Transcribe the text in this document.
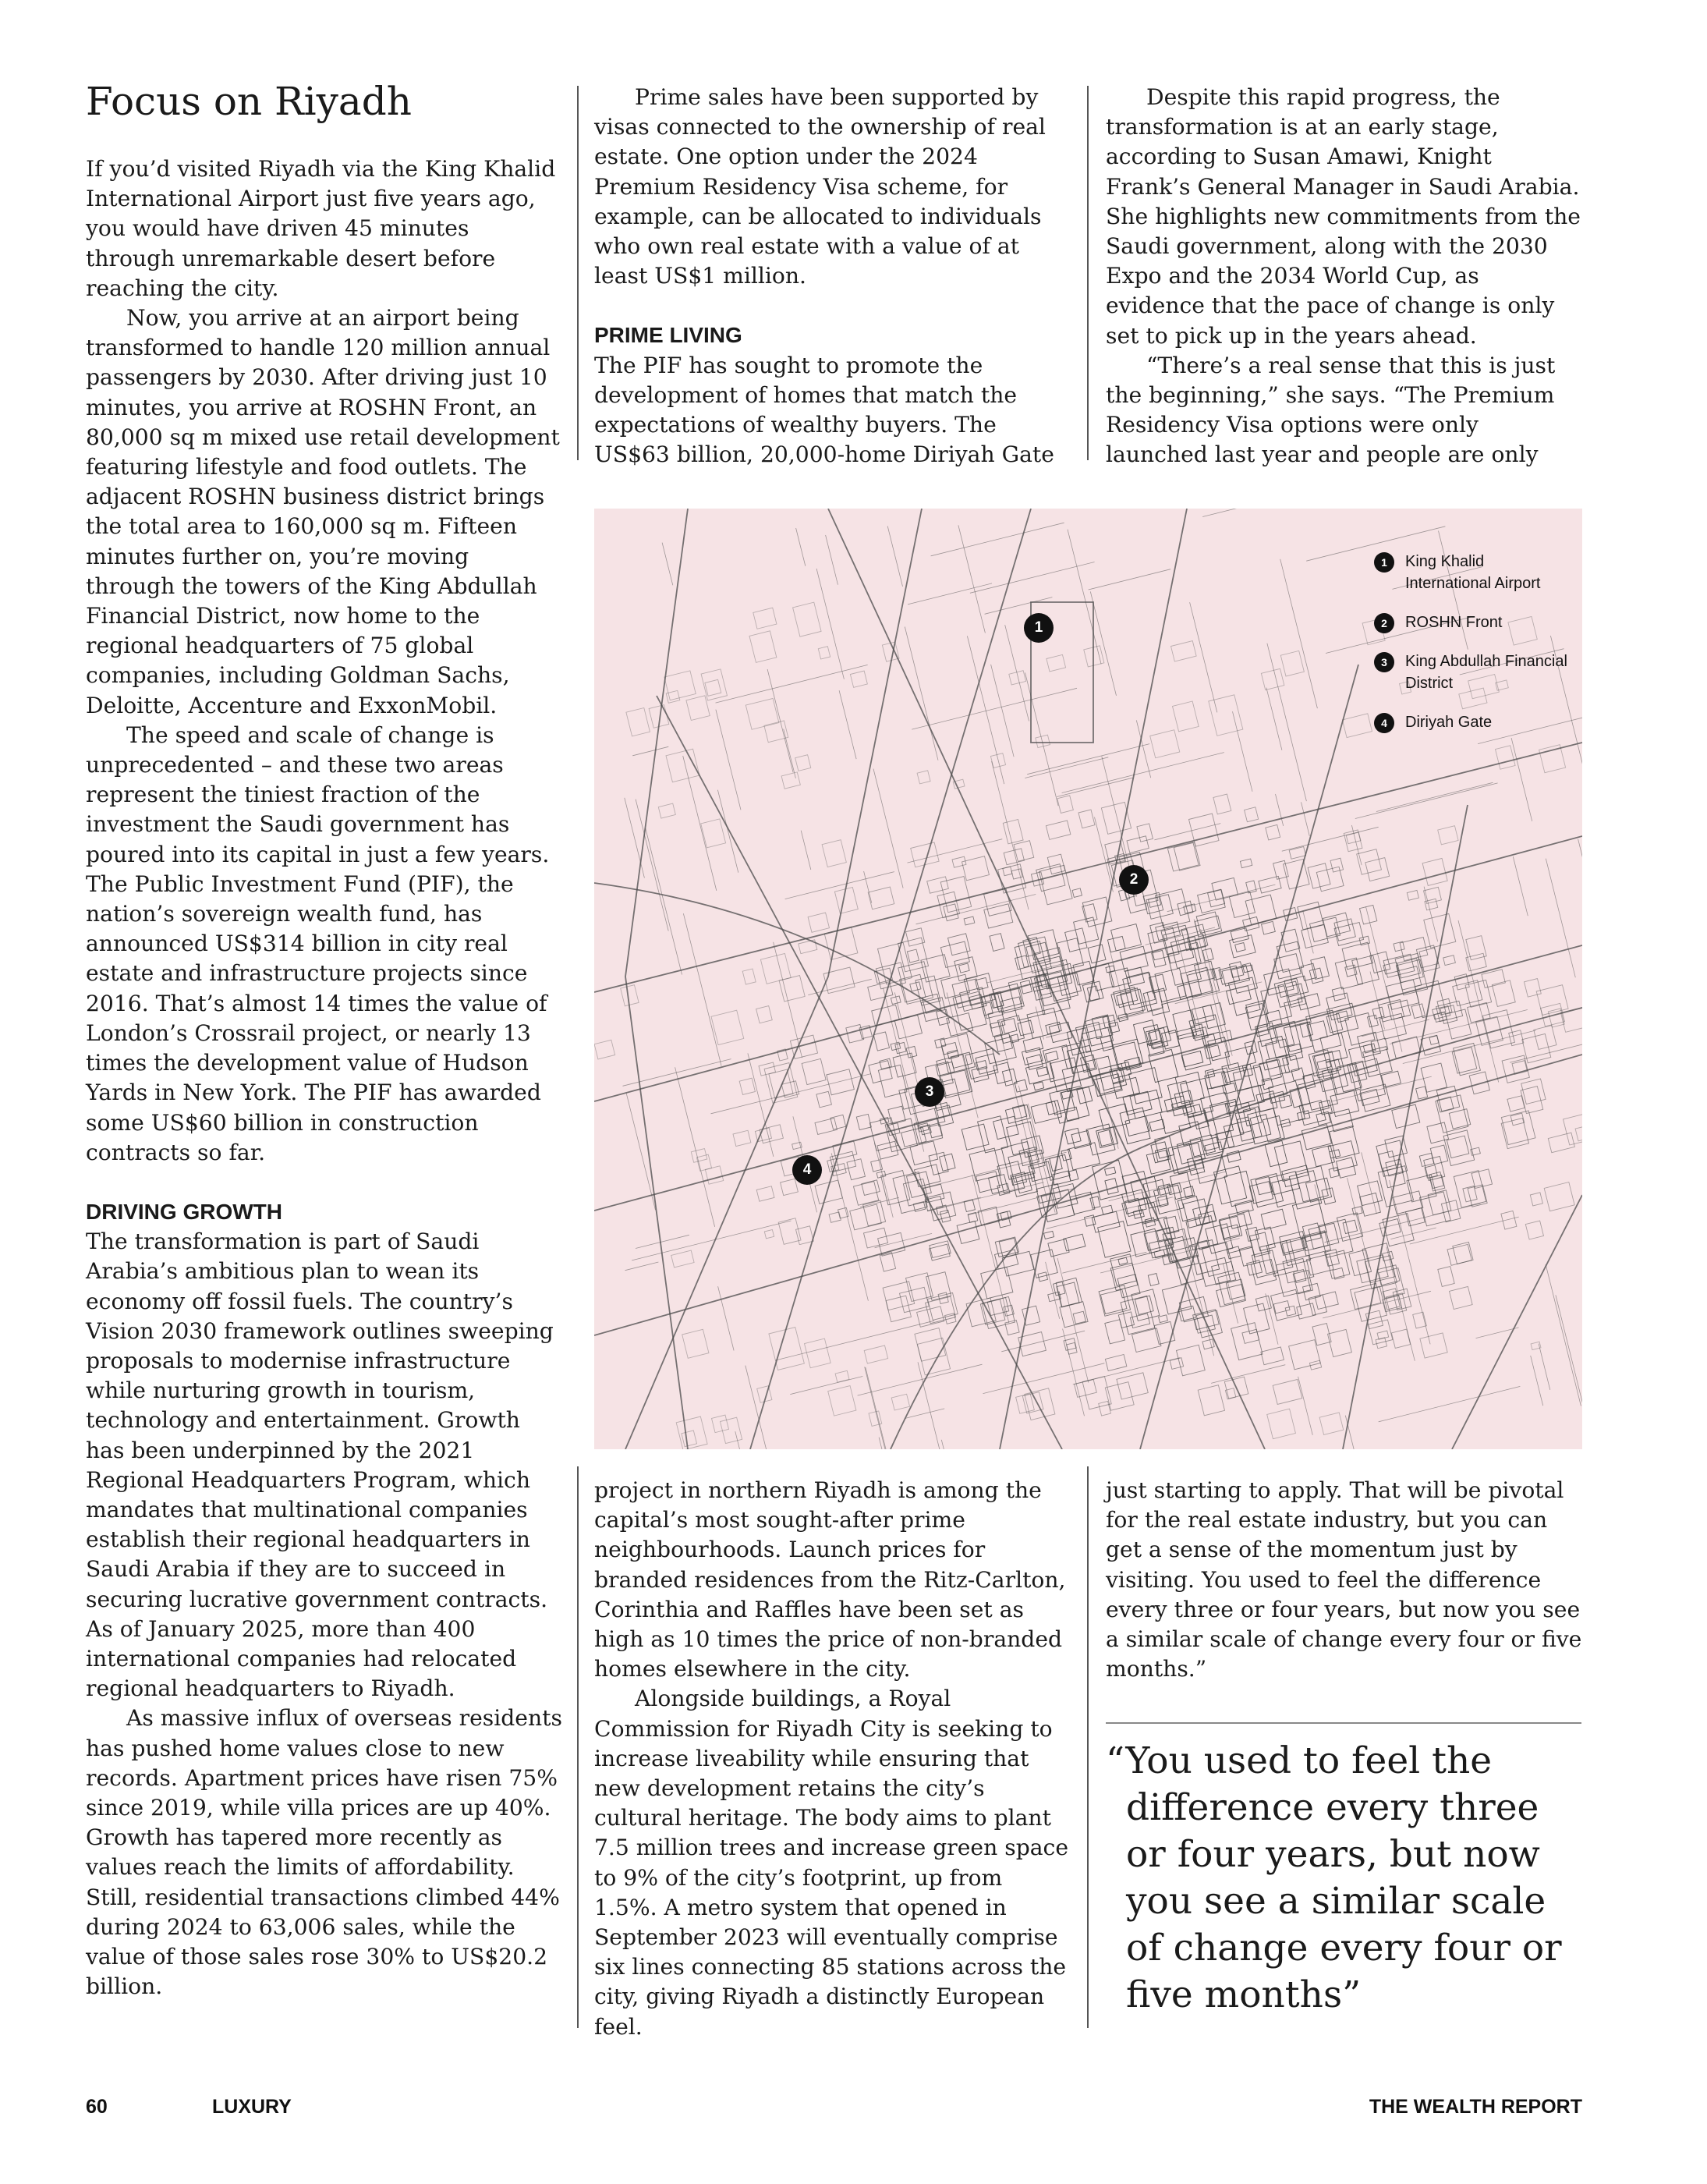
Focus on Riyadh

If you’d visited Riyadh via the King Khalid International Airport just five years ago, you would have driven 45 minutes through unremarkable desert before reaching the city.

Now, you arrive at an airport being transformed to handle 120 million annual passengers by 2030. After driving just 10 minutes, you arrive at ROSHN Front, an 80,000 sq m mixed use retail development featuring lifestyle and food outlets. The adjacent ROSHN business district brings the total area to 160,000 sq m. Fifteen minutes further on, you’re moving through the towers of the King Abdullah Financial District, now home to the regional headquarters of 75 global companies, including Goldman Sachs, Deloitte, Accenture and ExxonMobil.

The speed and scale of change is unprecedented – and these two areas represent the tiniest fraction of the investment the Saudi government has poured into its capital in just a few years. The Public Investment Fund (PIF), the nation’s sovereign wealth fund, has announced US$314 billion in city real estate and infrastructure projects since 2016. That’s almost 14 times the value of London’s Crossrail project, or nearly 13 times the development value of Hudson Yards in New York. The PIF has awarded some US$60 billion in construction contracts so far.

DRIVING GROWTH

The transformation is part of Saudi Arabia’s ambitious plan to wean its economy off fossil fuels. The country’s Vision 2030 framework outlines sweeping proposals to modernise infrastructure while nurturing growth in tourism, technology and entertainment. Growth has been underpinned by the 2021 Regional Headquarters Program, which mandates that multinational companies establish their regional headquarters in Saudi Arabia if they are to succeed in securing lucrative government contracts. As of January 2025, more than 400 international companies had relocated regional headquarters to Riyadh.

As massive influx of overseas residents has pushed home values close to new records. Apartment prices have risen 75% since 2019, while villa prices are up 40%. Growth has tapered more recently as values reach the limits of affordability. Still, residential transactions climbed 44% during 2024 to 63,006 sales, while the value of those sales rose 30% to US$20.2 billion.

Prime sales have been supported by visas connected to the ownership of real estate. One option under the 2024 Premium Residency Visa scheme, for example, can be allocated to individuals who own real estate with a value of at least US$1 million.

PRIME LIVING

The PIF has sought to promote the development of homes that match the expectations of wealthy buyers. The US$63 billion, 20,000-home Diriyah Gate

Despite this rapid progress, the transformation is at an early stage, according to Susan Amawi, Knight Frank’s General Manager in Saudi Arabia. She highlights new commitments from the Saudi government, along with the 2030 Expo and the 2034 World Cup, as evidence that the pace of change is only set to pick up in the years ahead.

“There’s a real sense that this is just the beginning,” she says. “The Premium Residency Visa options were only launched last year and people are only

1
2
3
4
1	King Khalid International Airport
2	ROSHN Front
3	King Abdullah Financial District
4	Diriyah Gate

project in northern Riyadh is among the capital’s most sought-after prime neighbourhoods. Launch prices for branded residences from the Ritz-Carlton, Corinthia and Raffles have been set as high as 10 times the price of non-branded homes elsewhere in the city.

Alongside buildings, a Royal Commission for Riyadh City is seeking to increase liveability while ensuring that new development retains the city’s cultural heritage. The body aims to plant 7.5 million trees and increase green space to 9% of the city’s footprint, up from 1.5%. A metro system that opened in September 2023 will eventually comprise six lines connecting 85 stations across the city, giving Riyadh a distinctly European feel.

just starting to apply. That will be pivotal for the real estate industry, but you can get a sense of the momentum just by visiting. You used to feel the difference every three or four years, but now you see a similar scale of change every four or five months.”

“You used to feel the difference every three or four years, but now you see a similar scale of change every four or five months”
60	LUXURY	THE WEALTH REPORT
